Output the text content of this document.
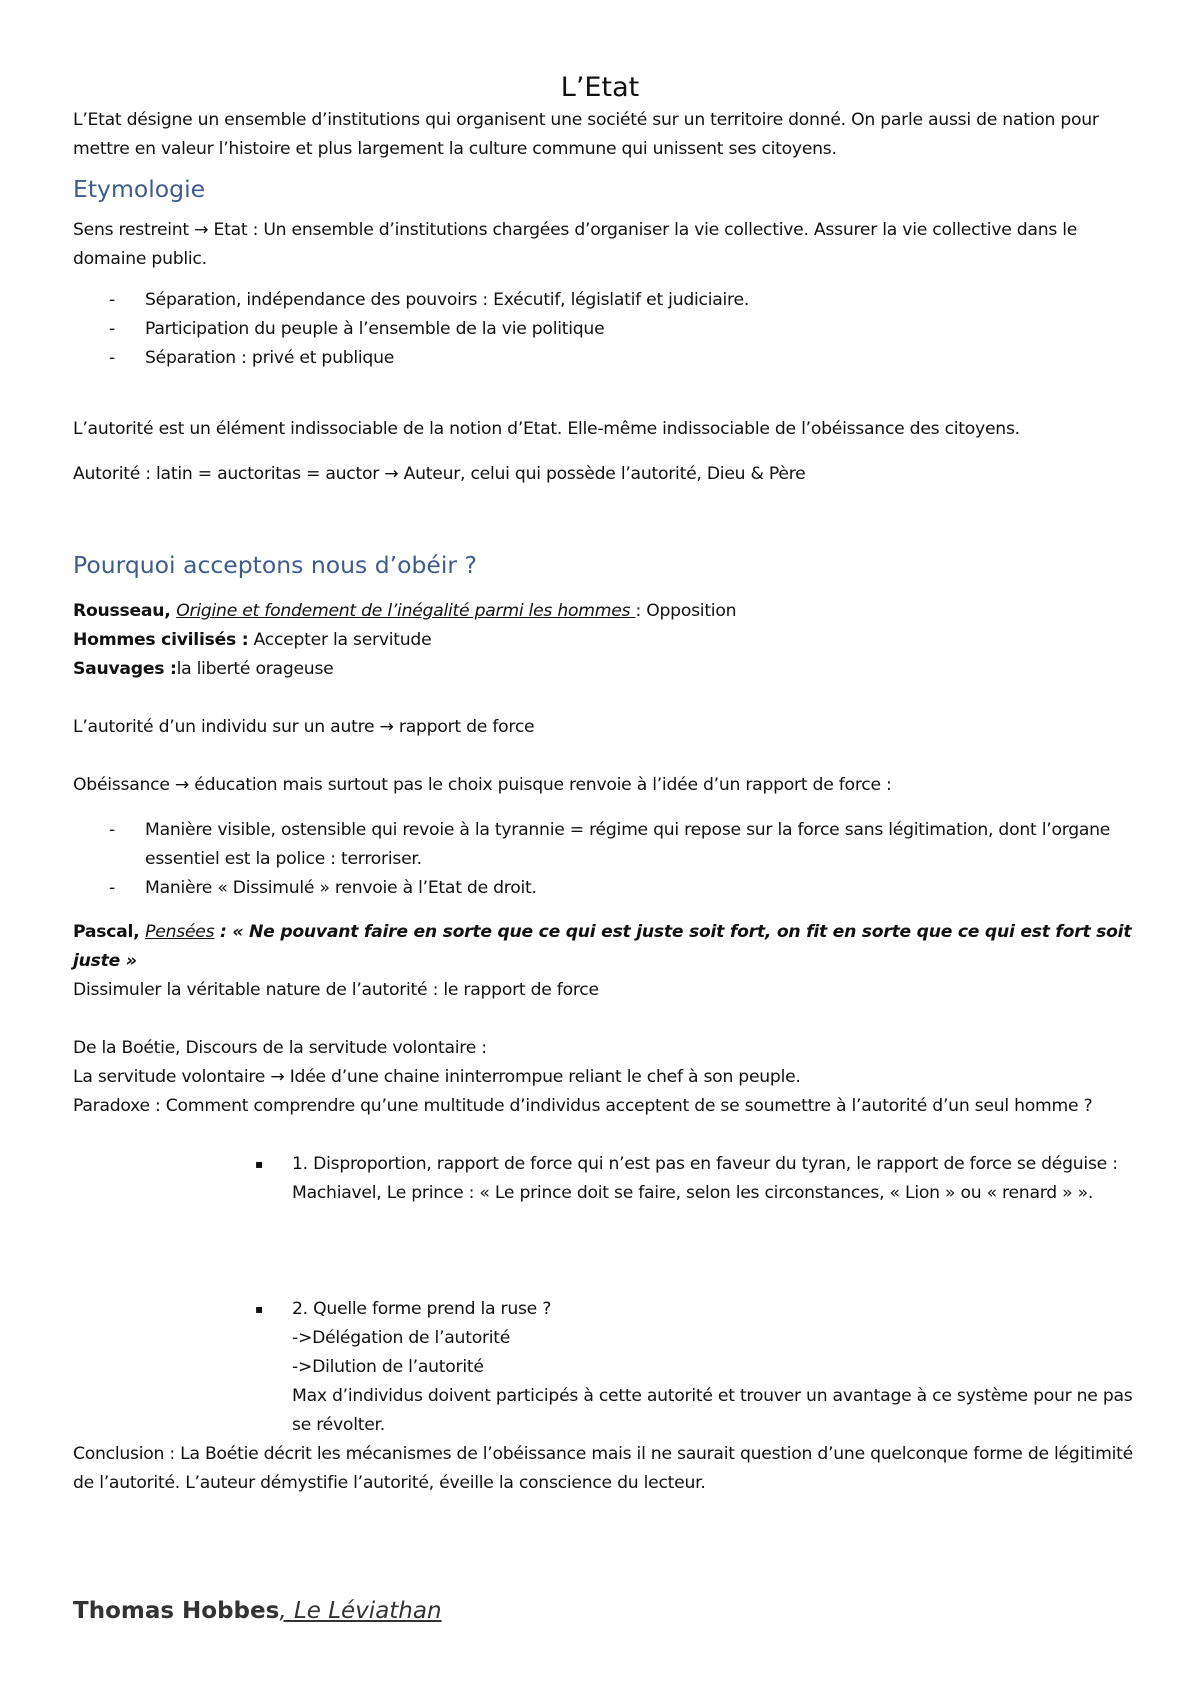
L’Etat

L’Etat désigne un ensemble d’institutions qui organisent une société sur un territoire donné. On parle aussi de nation pour mettre en valeur l’histoire et plus largement la culture commune qui unissent ses citoyens.

Etymologie

Sens restreint → Etat : Un ensemble d’institutions chargées d’organiser la vie collective. Assurer la vie collective dans le domaine public.

- Séparation, indépendance des pouvoirs : Exécutif, législatif et judiciaire.
- Participation du peuple à l’ensemble de la vie politique
- Séparation : privé et publique

L’autorité est un élément indissociable de la notion d’Etat. Elle-même indissociable de l’obéissance des citoyens.

Autorité : latin = auctoritas = auctor → Auteur, celui qui possède l’autorité, Dieu & Père

Pourquoi acceptons nous d’obéir ?

Rousseau, Origine et fondement de l’inégalité parmi les hommes : Opposition

Hommes civilisés : Accepter la servitude

Sauvages :la liberté orageuse

L’autorité d’un individu sur un autre → rapport de force

Obéissance → éducation mais surtout pas le choix puisque renvoie à l’idée d’un rapport de force :

- Manière visible, ostensible qui revoie à la tyrannie = régime qui repose sur la force sans légitimation, dont l’organe essentiel est la police : terroriser.
- Manière « Dissimulé » renvoie à l’Etat de droit.

Pascal, Pensées : « Ne pouvant faire en sorte que ce qui est juste soit fort, on fit en sorte que ce qui est fort soit juste »

Dissimuler la véritable nature de l’autorité : le rapport de force

De la Boétie, Discours de la servitude volontaire :

La servitude volontaire → Idée d’une chaine ininterrompue reliant le chef à son peuple.

Paradoxe : Comment comprendre qu’une multitude d’individus acceptent de se soumettre à l’autorité d’un seul homme ?

▪ 1. Disproportion, rapport de force qui n’est pas en faveur du tyran, le rapport de force se déguise :
Machiavel, Le prince : « Le prince doit se faire, selon les circonstances, « Lion » ou « renard » ».
▪ 2. Quelle forme prend la ruse ?
->Délégation de l’autorité
->Dilution de l’autorité
Max d’individus doivent participés à cette autorité et trouver un avantage à ce système pour ne pas se révolter.

Conclusion : La Boétie décrit les mécanismes de l’obéissance mais il ne saurait question d’une quelconque forme de légitimité de l’autorité. L’auteur démystifie l’autorité, éveille la conscience du lecteur.

Thomas Hobbes, Le Léviathan
